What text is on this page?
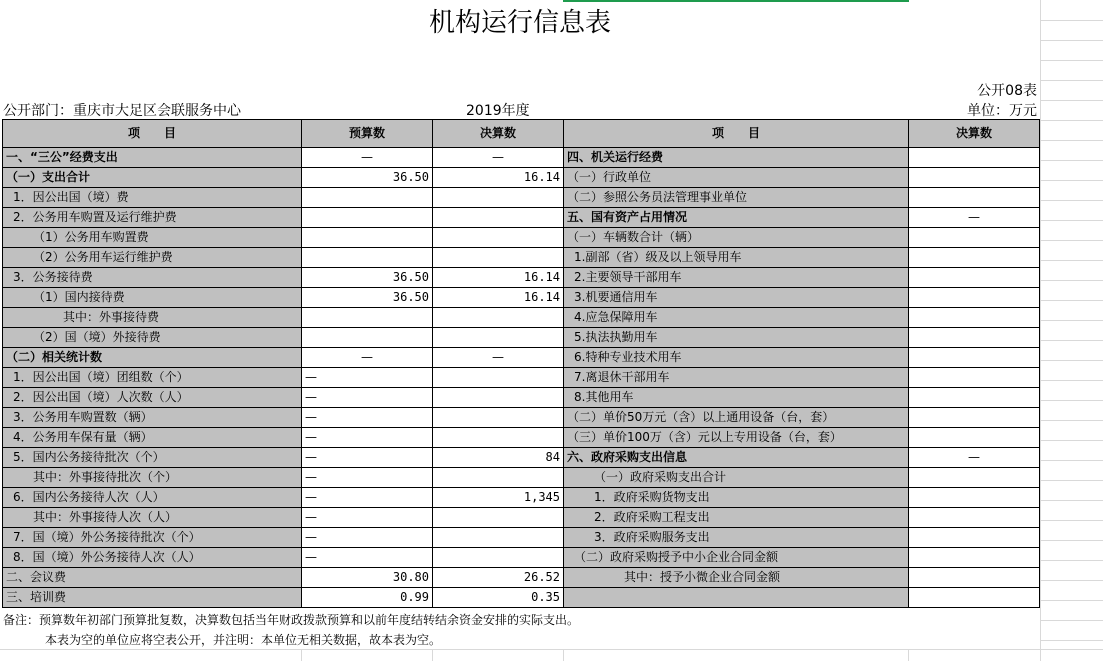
机构运行信息表
公开08表
公开部门：重庆市大足区会联服务中心	2019年度	单位：万元
项　　目	预算数	决算数	项　　目	决算数
一、“三公”经费支出	—	—	四、机关运行经费	
（一）支出合计	36.50	16.14	（一）行政单位	
1．因公出国（境）费			（二）参照公务员法管理事业单位	
2．公务用车购置及运行维护费			五、国有资产占用情况	—
（1）公务用车购置费			（一）车辆数合计（辆）	
（2）公务用车运行维护费			1.副部（省）级及以上领导用车	
3．公务接待费	36.50	16.14	2.主要领导干部用车	
（1）国内接待费	36.50	16.14	3.机要通信用车	
其中：外事接待费			4.应急保障用车	
（2）国（境）外接待费			5.执法执勤用车	
（二）相关统计数	—	—	6.特种专业技术用车	
1．因公出国（境）团组数（个）	—		7.离退休干部用车	
2．因公出国（境）人次数（人）	—		8.其他用车	
3．公务用车购置数（辆）	—		（二）单价50万元（含）以上通用设备（台，套）	
4．公务用车保有量（辆）	—		（三）单价100万（含）元以上专用设备（台，套）	
5．国内公务接待批次（个）	—	84	六、政府采购支出信息	—
其中：外事接待批次（个）	—		（一）政府采购支出合计	
6．国内公务接待人次（人）	—	1,345	1．政府采购货物支出	
其中：外事接待人次（人）	—		2．政府采购工程支出	
7．国（境）外公务接待批次（个）	—		3．政府采购服务支出	
8．国（境）外公务接待人次（人）	—		（二）政府采购授予中小企业合同金额	
二、会议费	30.80	26.52	其中：授予小微企业合同金额	
三、培训费	0.99	0.35		
备注：预算数年初部门预算批复数，决算数包括当年财政拨款预算和以前年度结转结余资金安排的实际支出。
本表为空的单位应将空表公开，并注明：本单位无相关数据，故本表为空。
